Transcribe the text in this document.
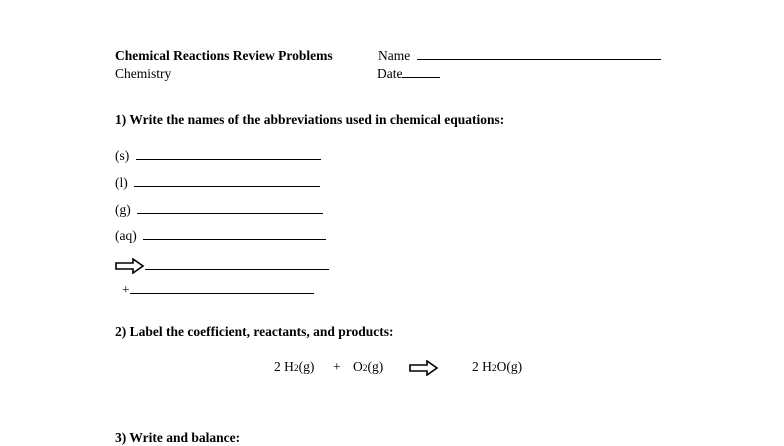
Chemical Reactions Review Problems
Chemistry
Name
Date
1) Write the names of the abbreviations used in chemical equations:
(s)
(l)
(g)
(aq)
+
2) Label the coefficient, reactants, and products:
2 H2(g) + O2(g)	2 H2O(g)
3) Write and balance:
